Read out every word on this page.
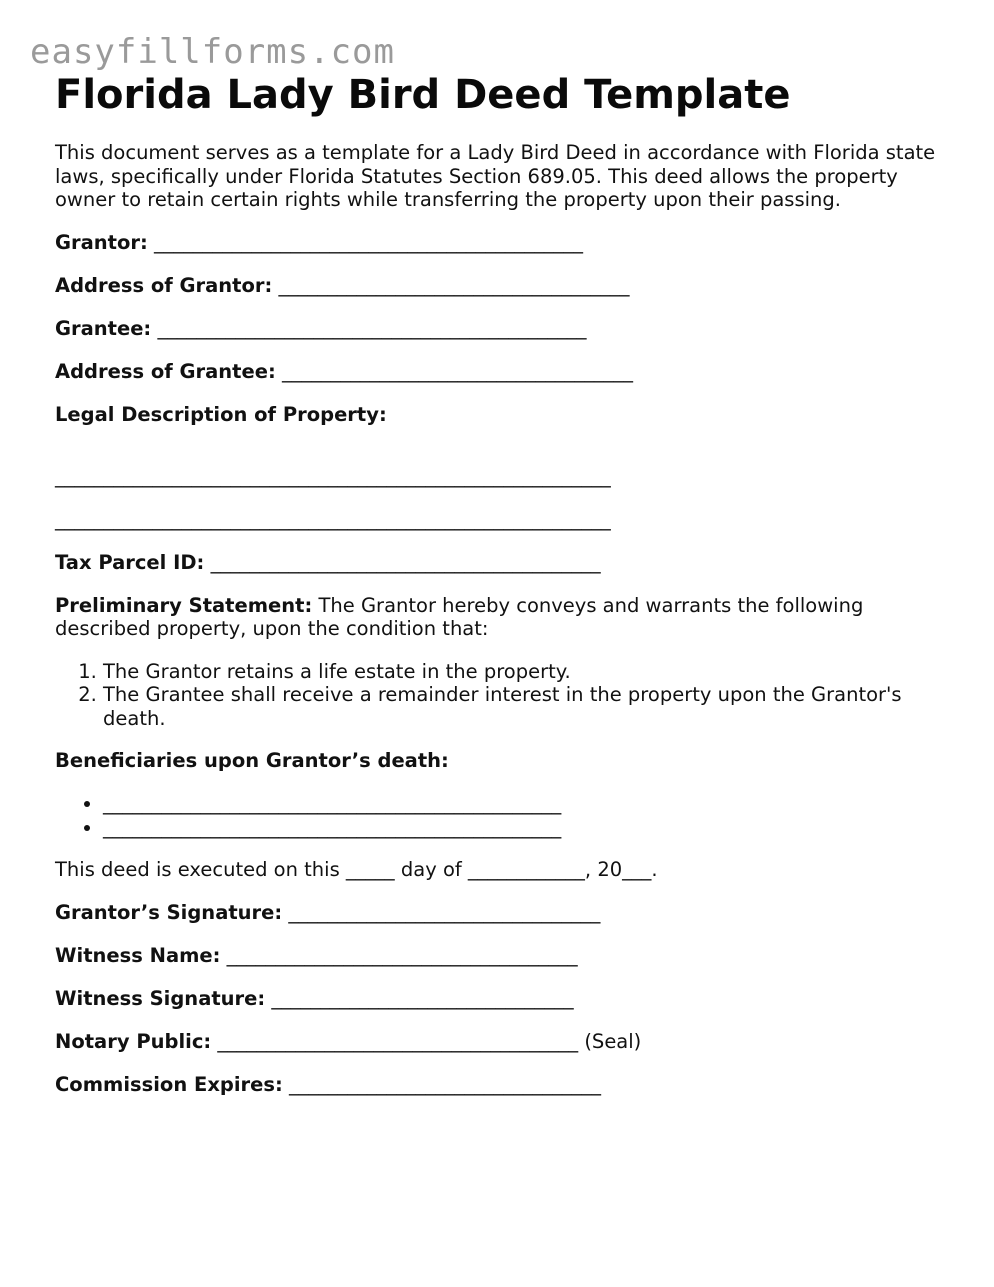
easyfillforms.com
Florida Lady Bird Deed Template
This document serves as a template for a Lady Bird Deed in accordance with Florida state laws, specifically under Florida Statutes Section 689.05. This deed allows the property owner to retain certain rights while transferring the property upon their passing.
Grantor: ____________________________________________
Address of Grantor: ____________________________________
Grantee: ____________________________________________
Address of Grantee: ____________________________________
Legal Description of Property:
_________________________________________________________
_________________________________________________________
Tax Parcel ID: ________________________________________
Preliminary Statement: The Grantor hereby conveys and warrants the following described property, upon the condition that:
1. The Grantor retains a life estate in the property.
2. The Grantee shall receive a remainder interest in the property upon the Grantor's death.
Beneficiaries upon Grantor’s death:
• _______________________________________________
• _______________________________________________
This deed is executed on this _____ day of ____________, 20___.
Grantor’s Signature: ________________________________
Witness Name: ____________________________________
Witness Signature: _______________________________
Notary Public: _____________________________________ (Seal)
Commission Expires: ________________________________
